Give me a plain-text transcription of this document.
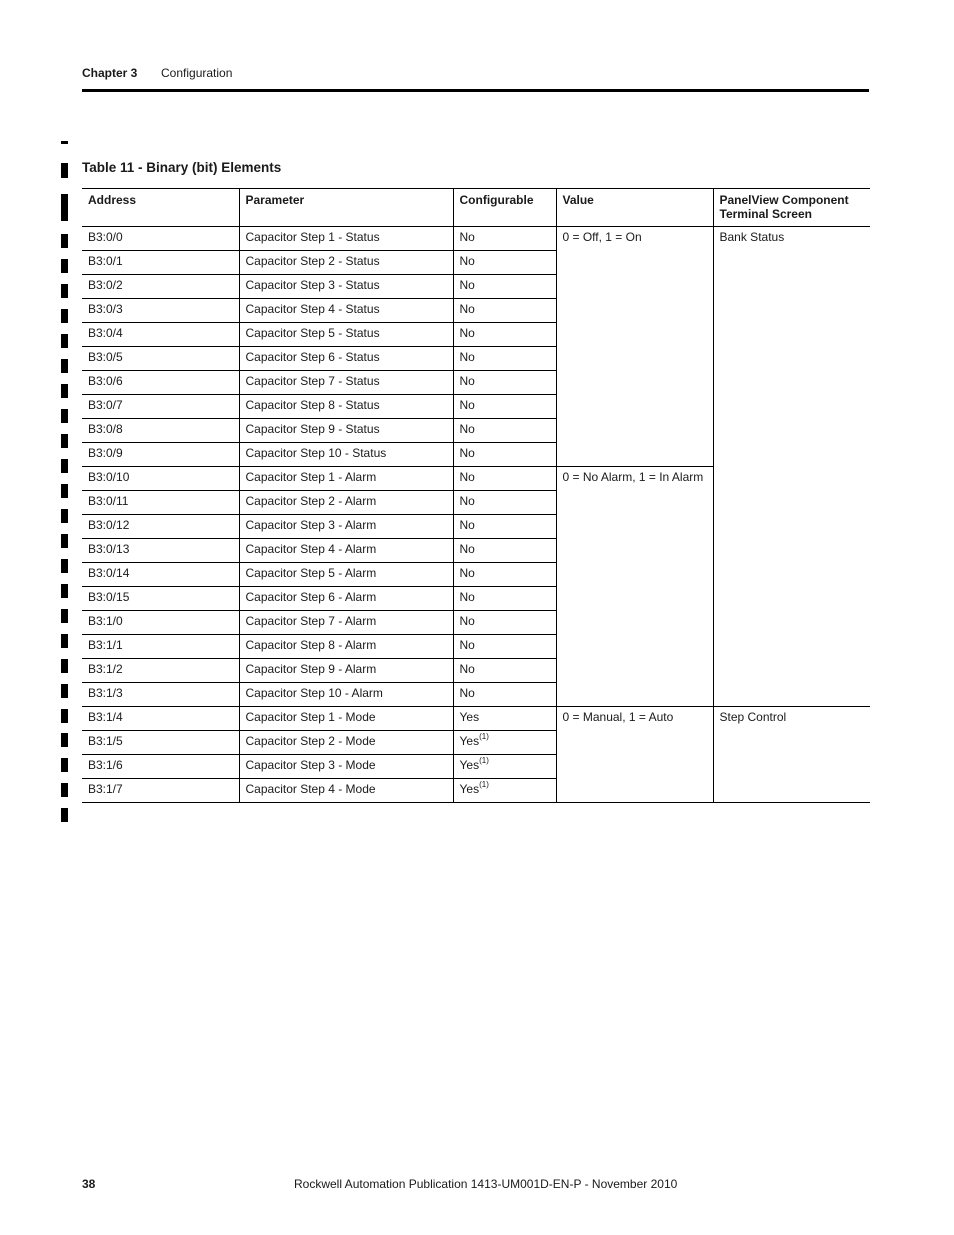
Chapter 3 Configuration
Table 11 - Binary (bit) Elements
Address	Parameter	Configurable	Value	PanelView Component Terminal Screen
B3:0/0	Capacitor Step 1 - Status	No	0 = Off, 1 = On	Bank Status
B3:0/1	Capacitor Step 2 - Status	No		
B3:0/2	Capacitor Step 3 - Status	No		
B3:0/3	Capacitor Step 4 - Status	No		
B3:0/4	Capacitor Step 5 - Status	No		
B3:0/5	Capacitor Step 6 - Status	No		
B3:0/6	Capacitor Step 7 - Status	No		
B3:0/7	Capacitor Step 8 - Status	No		
B3:0/8	Capacitor Step 9 - Status	No		
B3:0/9	Capacitor Step 10 - Status	No		
B3:0/10	Capacitor Step 1 - Alarm	No	0 = No Alarm, 1 = In Alarm	
B3:0/11	Capacitor Step 2 - Alarm	No		
B3:0/12	Capacitor Step 3 - Alarm	No		
B3:0/13	Capacitor Step 4 - Alarm	No		
B3:0/14	Capacitor Step 5 - Alarm	No		
B3:0/15	Capacitor Step 6 - Alarm	No		
B3:1/0	Capacitor Step 7 - Alarm	No		
B3:1/1	Capacitor Step 8 - Alarm	No		
B3:1/2	Capacitor Step 9 - Alarm	No		
B3:1/3	Capacitor Step 10 - Alarm	No		
B3:1/4	Capacitor Step 1 - Mode	Yes	0 = Manual, 1 = Auto	Step Control
B3:1/5	Capacitor Step 2 - Mode	Yes$^{(1)}$
B3:1/6	Capacitor Step 3 - Mode	Yes$^{(1)}$
B3:1/7	Capacitor Step 4 - Mode	Yes$^{(1)}$
38	Rockwell Automation Publication 1413-UM001D-EN-P - November 2010
